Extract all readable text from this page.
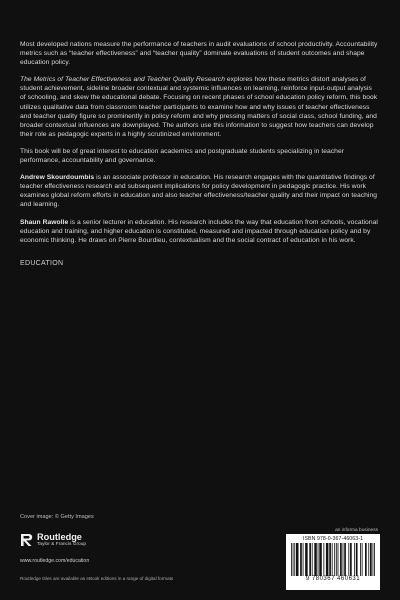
Most developed nations measure the performance of teachers in audit evaluations of school productivity. Accountability metrics such as “teacher effectiveness” and “teacher quality” dominate evaluations of student outcomes and shape education policy.

The Metrics of Teacher Effectiveness and Teacher Quality Research explores how these metrics distort analyses of student achievement, sideline broader contextual and systemic influences on learning, reinforce input-output analysis of schooling, and skew the educational debate. Focusing on recent phases of school education policy reform, this book utilizes qualitative data from classroom teacher participants to examine how and why issues of teacher effectiveness and teacher quality figure so prominently in policy reform and why pressing matters of social class, school funding, and broader contextual influences are downplayed. The authors use this information to suggest how teachers can develop their role as pedagogic experts in a highly scrutinized environment.

This book will be of great interest to education academics and postgraduate students specializing in teacher performance, accountability and governance.

Andrew Skourdoumbis is an associate professor in education. His research engages with the quantitative findings of teacher effectiveness research and subsequent implications for policy development in pedagogic practice. His work examines global reform efforts in education and also teacher effectiveness/teacher quality and their impact on teaching and learning.

Shaun Rawolle is a senior lecturer in education. His research includes the way that education from schools, vocational education and training, and higher education is constituted, measured and impacted through education policy and by economic thinking. He draws on Pierre Bourdieu, contextualism and the social contract of education in his work.

EDUCATION
Cover image: © Getty Images
an informa business
Routledge
Taylor & Francis Group
www.routledge.com/education
Routledge titles are available as eBook editions in a range of digital formats
ISBN 978-0-367-46063-1
9 780367 460631
